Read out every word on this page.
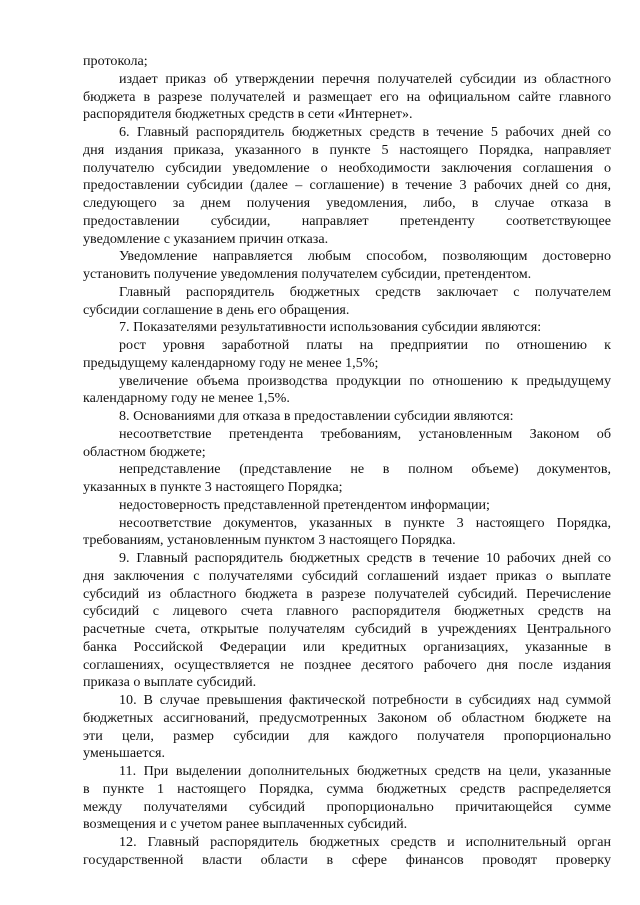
протокола;
издает приказ об утверждении перечня получателей субсидии из областного
бюджета в разрезе получателей и размещает его на официальном сайте главного
распорядителя бюджетных средств в сети «Интернет».
6. Главный распорядитель бюджетных средств в течение 5 рабочих дней со
дня издания приказа, указанного в пункте 5 настоящего Порядка, направляет
получателю субсидии уведомление о необходимости заключения соглашения о
предоставлении субсидии (далее – соглашение) в течение 3 рабочих дней со дня,
следующего за днем получения уведомления, либо, в случае отказа в
предоставлении субсидии, направляет претенденту соответствующее
уведомление с указанием причин отказа.
Уведомление направляется любым способом, позволяющим достоверно
установить получение уведомления получателем субсидии, претендентом.
Главный распорядитель бюджетных средств заключает с получателем
субсидии соглашение в день его обращения.
7. Показателями результативности использования субсидии являются:
рост уровня заработной платы на предприятии по отношению к
предыдущему календарному году не менее 1,5%;
увеличение объема производства продукции по отношению к предыдущему
календарному году не менее 1,5%.
8. Основаниями для отказа в предоставлении субсидии являются:
несоответствие претендента требованиям, установленным Законом об
областном бюджете;
непредставление (представление не в полном объеме) документов,
указанных в пункте 3 настоящего Порядка;
недостоверность представленной претендентом информации;
несоответствие документов, указанных в пункте 3 настоящего Порядка,
требованиям, установленным пунктом 3 настоящего Порядка.
9. Главный распорядитель бюджетных средств в течение 10 рабочих дней со
дня заключения с получателями субсидий соглашений издает приказ о выплате
субсидий из областного бюджета в разрезе получателей субсидий. Перечисление
субсидий с лицевого счета главного распорядителя бюджетных средств на
расчетные счета, открытые получателям субсидий в учреждениях Центрального
банка Российской Федерации или кредитных организациях, указанные в
соглашениях, осуществляется не позднее десятого рабочего дня после издания
приказа о выплате субсидий.
10. В случае превышения фактической потребности в субсидиях над суммой
бюджетных ассигнований, предусмотренных Законом об областном бюджете на
эти цели, размер субсидии для каждого получателя пропорционально
уменьшается.
11. При выделении дополнительных бюджетных средств на цели, указанные
в пункте 1 настоящего Порядка, сумма бюджетных средств распределяется
между получателями субсидий пропорционально причитающейся сумме
возмещения и с учетом ранее выплаченных субсидий.
12. Главный распорядитель бюджетных средств и исполнительный орган
государственной власти области в сфере финансов проводят проверку
